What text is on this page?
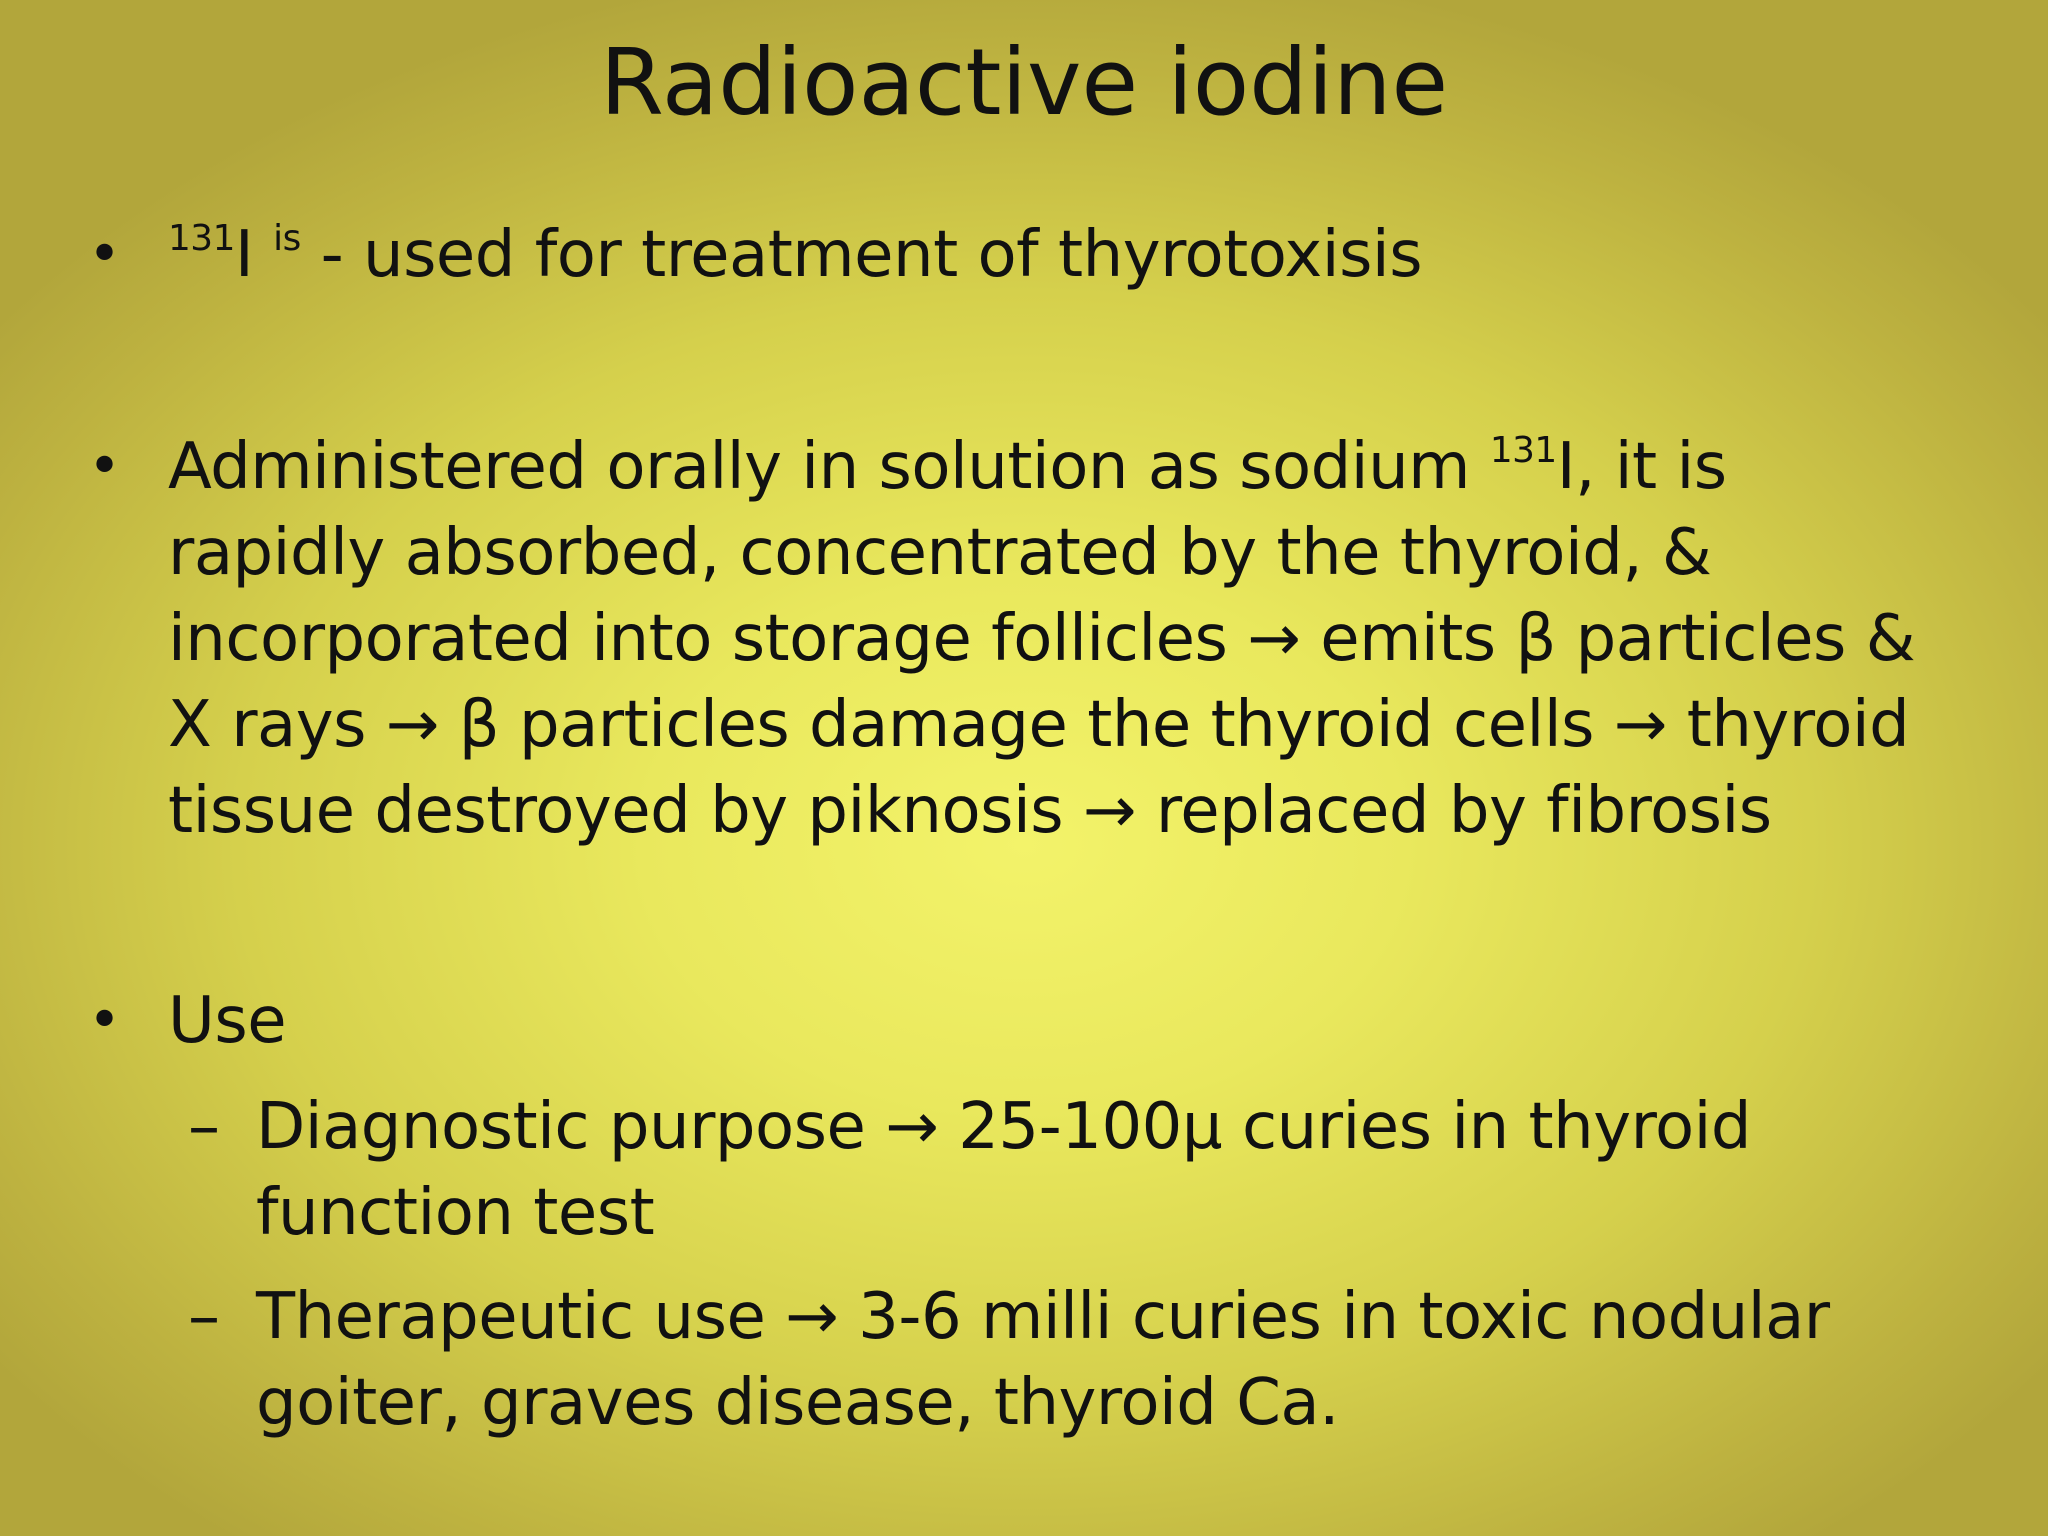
Radioactive iodine
• $^{131}$I $^{is}$ - used for treatment of thyrotoxisis
• Administered orally in solution as sodium $^{131}$I, it is
rapidly absorbed, concentrated by the thyroid, &
incorporated into storage follicles → emits β particles &
X rays → β particles damage the thyroid cells → thyroid
tissue destroyed by piknosis → replaced by fibrosis
• Use
– Diagnostic purpose → 25-100μ curies in thyroid
function test
– Therapeutic use → 3-6 milli curies in toxic nodular
goiter, graves disease, thyroid Ca.
